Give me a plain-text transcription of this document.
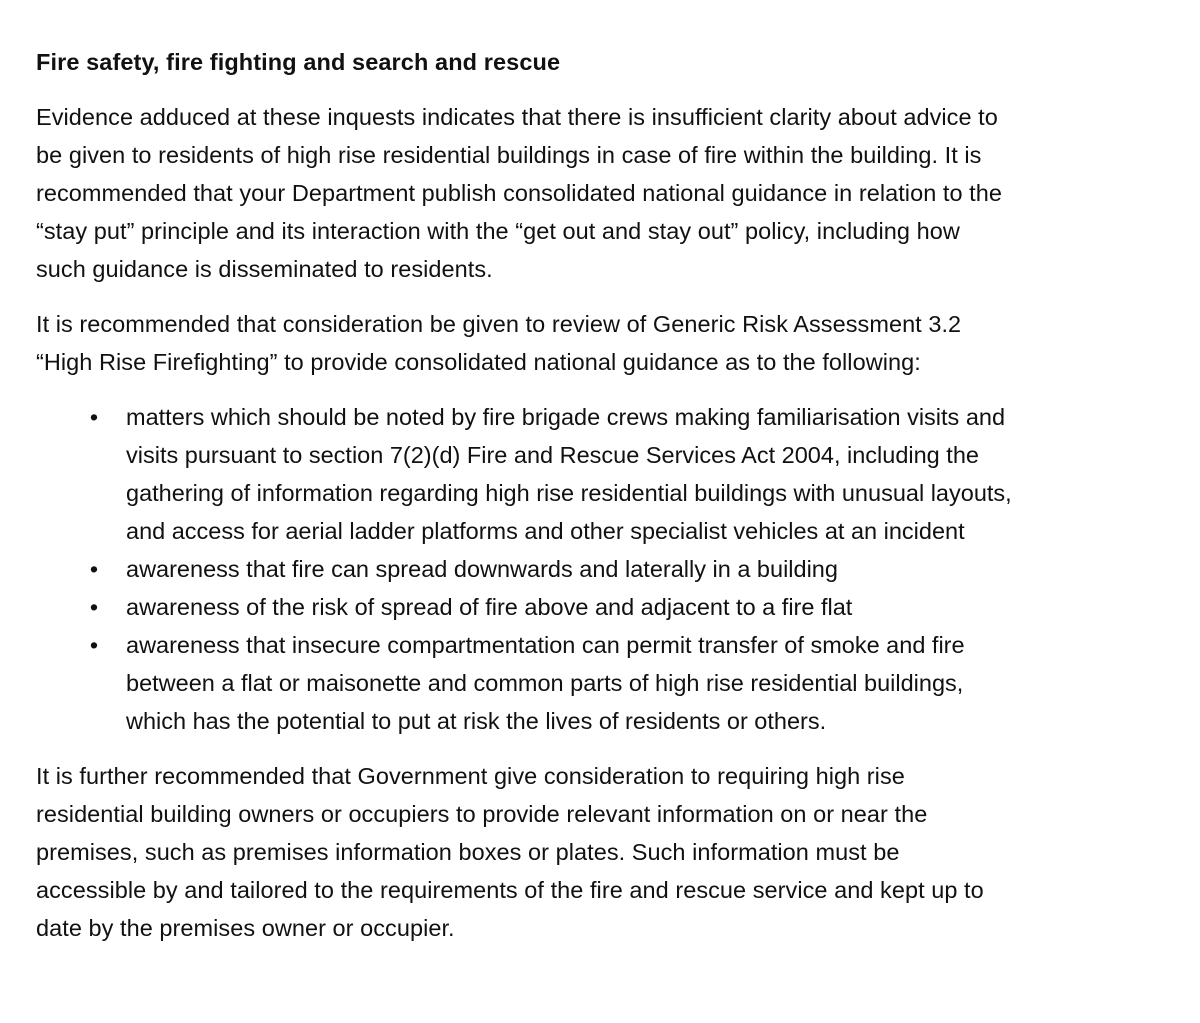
Fire safety, fire fighting and search and rescue
Evidence adduced at these inquests indicates that there is insufficient clarity about advice to
be given to residents of high rise residential buildings in case of fire within the building. It is
recommended that your Department publish consolidated national guidance in relation to the
“stay put” principle and its interaction with the “get out and stay out” policy, including how
such guidance is disseminated to residents.
It is recommended that consideration be given to review of Generic Risk Assessment 3.2
“High Rise Firefighting” to provide consolidated national guidance as to the following:
• matters which should be noted by fire brigade crews making familiarisation visits and
visits pursuant to section 7(2)(d) Fire and Rescue Services Act 2004, including the
gathering of information regarding high rise residential buildings with unusual layouts,
and access for aerial ladder platforms and other specialist vehicles at an incident
• awareness that fire can spread downwards and laterally in a building
• awareness of the risk of spread of fire above and adjacent to a fire flat
• awareness that insecure compartmentation can permit transfer of smoke and fire
between a flat or maisonette and common parts of high rise residential buildings,
which has the potential to put at risk the lives of residents or others.
It is further recommended that Government give consideration to requiring high rise
residential building owners or occupiers to provide relevant information on or near the
premises, such as premises information boxes or plates. Such information must be
accessible by and tailored to the requirements of the fire and rescue service and kept up to
date by the premises owner or occupier.
